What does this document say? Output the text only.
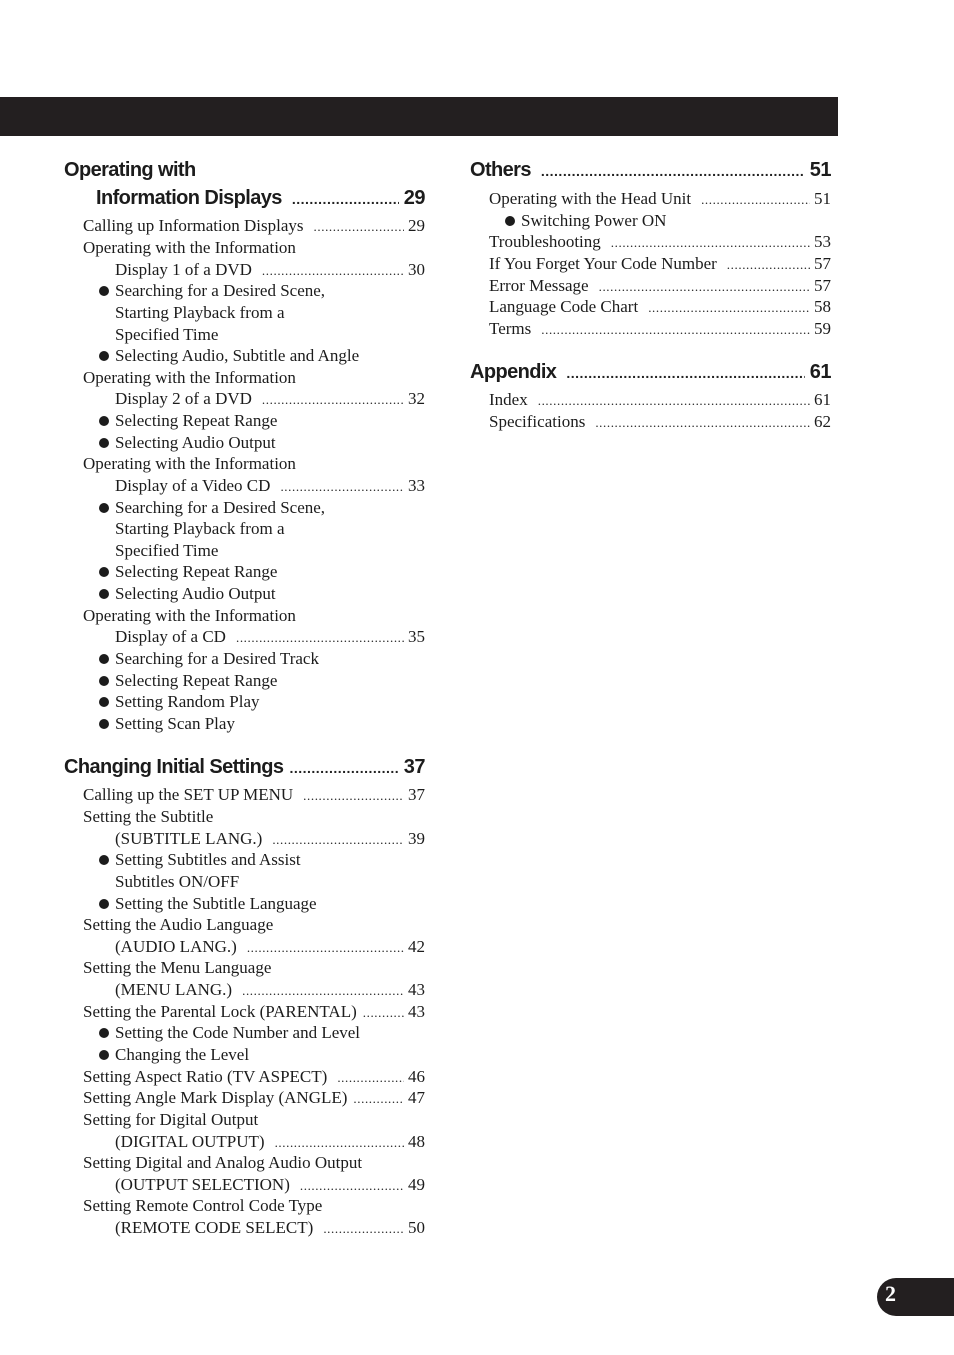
Operating with
Information Displays .....	29
Calling up Information Displays .....	29
Operating with the Information
Display 1 of a DVD .....	30
Searching for a Desired Scene,
Starting Playback from a
Specified Time
Selecting Audio, Subtitle and Angle
Operating with the Information
Display 2 of a DVD .....	32
Selecting Repeat Range
Selecting Audio Output
Operating with the Information
Display of a Video CD .....	33
Searching for a Desired Scene,
Starting Playback from a
Specified Time
Selecting Repeat Range
Selecting Audio Output
Operating with the Information
Display of a CD .....	35
Searching for a Desired Track
Selecting Repeat Range
Setting Random Play
Setting Scan Play
Changing Initial Settings .....	37
Calling up the SET UP MENU .....	37
Setting the Subtitle
(SUBTITLE LANG.) .....	39
Setting Subtitles and Assist
Subtitles ON/OFF
Setting the Subtitle Language
Setting the Audio Language
(AUDIO LANG.) .....	42
Setting the Menu Language
(MENU LANG.) .....	43
Setting the Parental Lock (PARENTAL) .....	43
Setting the Code Number and Level
Changing the Level
Setting Aspect Ratio (TV ASPECT) .....	46
Setting Angle Mark Display (ANGLE) .....	47
Setting for Digital Output
(DIGITAL OUTPUT) .....	48
Setting Digital and Analog Audio Output
(OUTPUT SELECTION) .....	49
Setting Remote Control Code Type
(REMOTE CODE SELECT) .....	50
Others .....	51
Operating with the Head Unit .....	51
Switching Power ON
Troubleshooting .....	53
If You Forget Your Code Number .....	57
Error Message .....	57
Language Code Chart .....	58
Terms .....	59
Appendix .....	61
Index .....	61
Specifications .....	62
2
